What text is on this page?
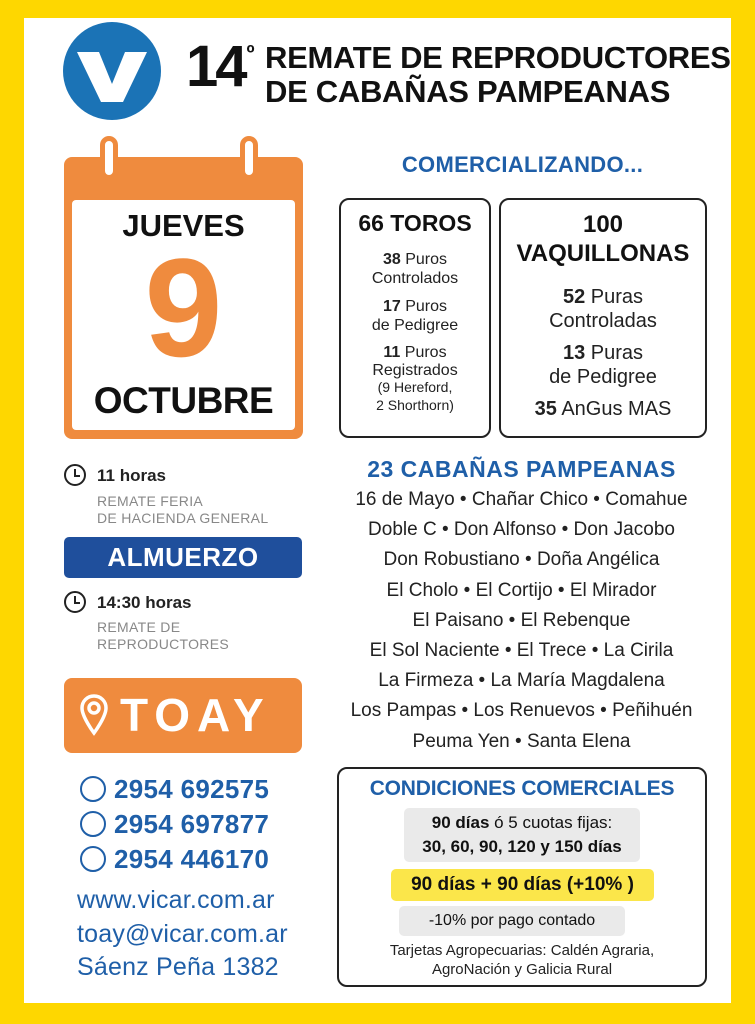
$14^º$ REMATE DE REPRODUCTORES
DE CABAÑAS PAMPEANAS
JUEVES
9
OCTUBRE
11 horas
REMATE FERIA
DE HACIENDA GENERAL
ALMUERZO
14:30 horas
REMATE DE
REPRODUCTORES
TOAY
2954 692575
2954 697877
2954 446170
www.vicar.com.ar
toay@vicar.com.ar
Sáenz Peña 1382
COMERCIALIZANDO...
66 TOROS
38 Puros
Controlados
17 Puros
de Pedigree
11 Puros
Registrados
(9 Hereford,
2 Shorthorn)
100
VAQUILLONAS
52 Puras
Controladas
13 Puras
de Pedigree
35 AnGus MAS
23 CABAÑAS PAMPEANAS
16 de Mayo • Chañar Chico • Comahue
Doble C • Don Alfonso • Don Jacobo
Don Robustiano • Doña Angélica
El Cholo • El Cortijo • El Mirador
El Paisano • El Rebenque
El Sol Naciente • El Trece • La Cirila
La Firmeza • La María Magdalena
Los Pampas • Los Renuevos • Peñihuén
Peuma Yen • Santa Elena
CONDICIONES COMERCIALES
90 días ó 5 cuotas fijas:
30, 60, 90, 120 y 150 días
90 días + 90 días (+10% )
-10% por pago contado
Tarjetas Agropecuarias: Caldén Agraria,
AgroNación y Galicia Rural
